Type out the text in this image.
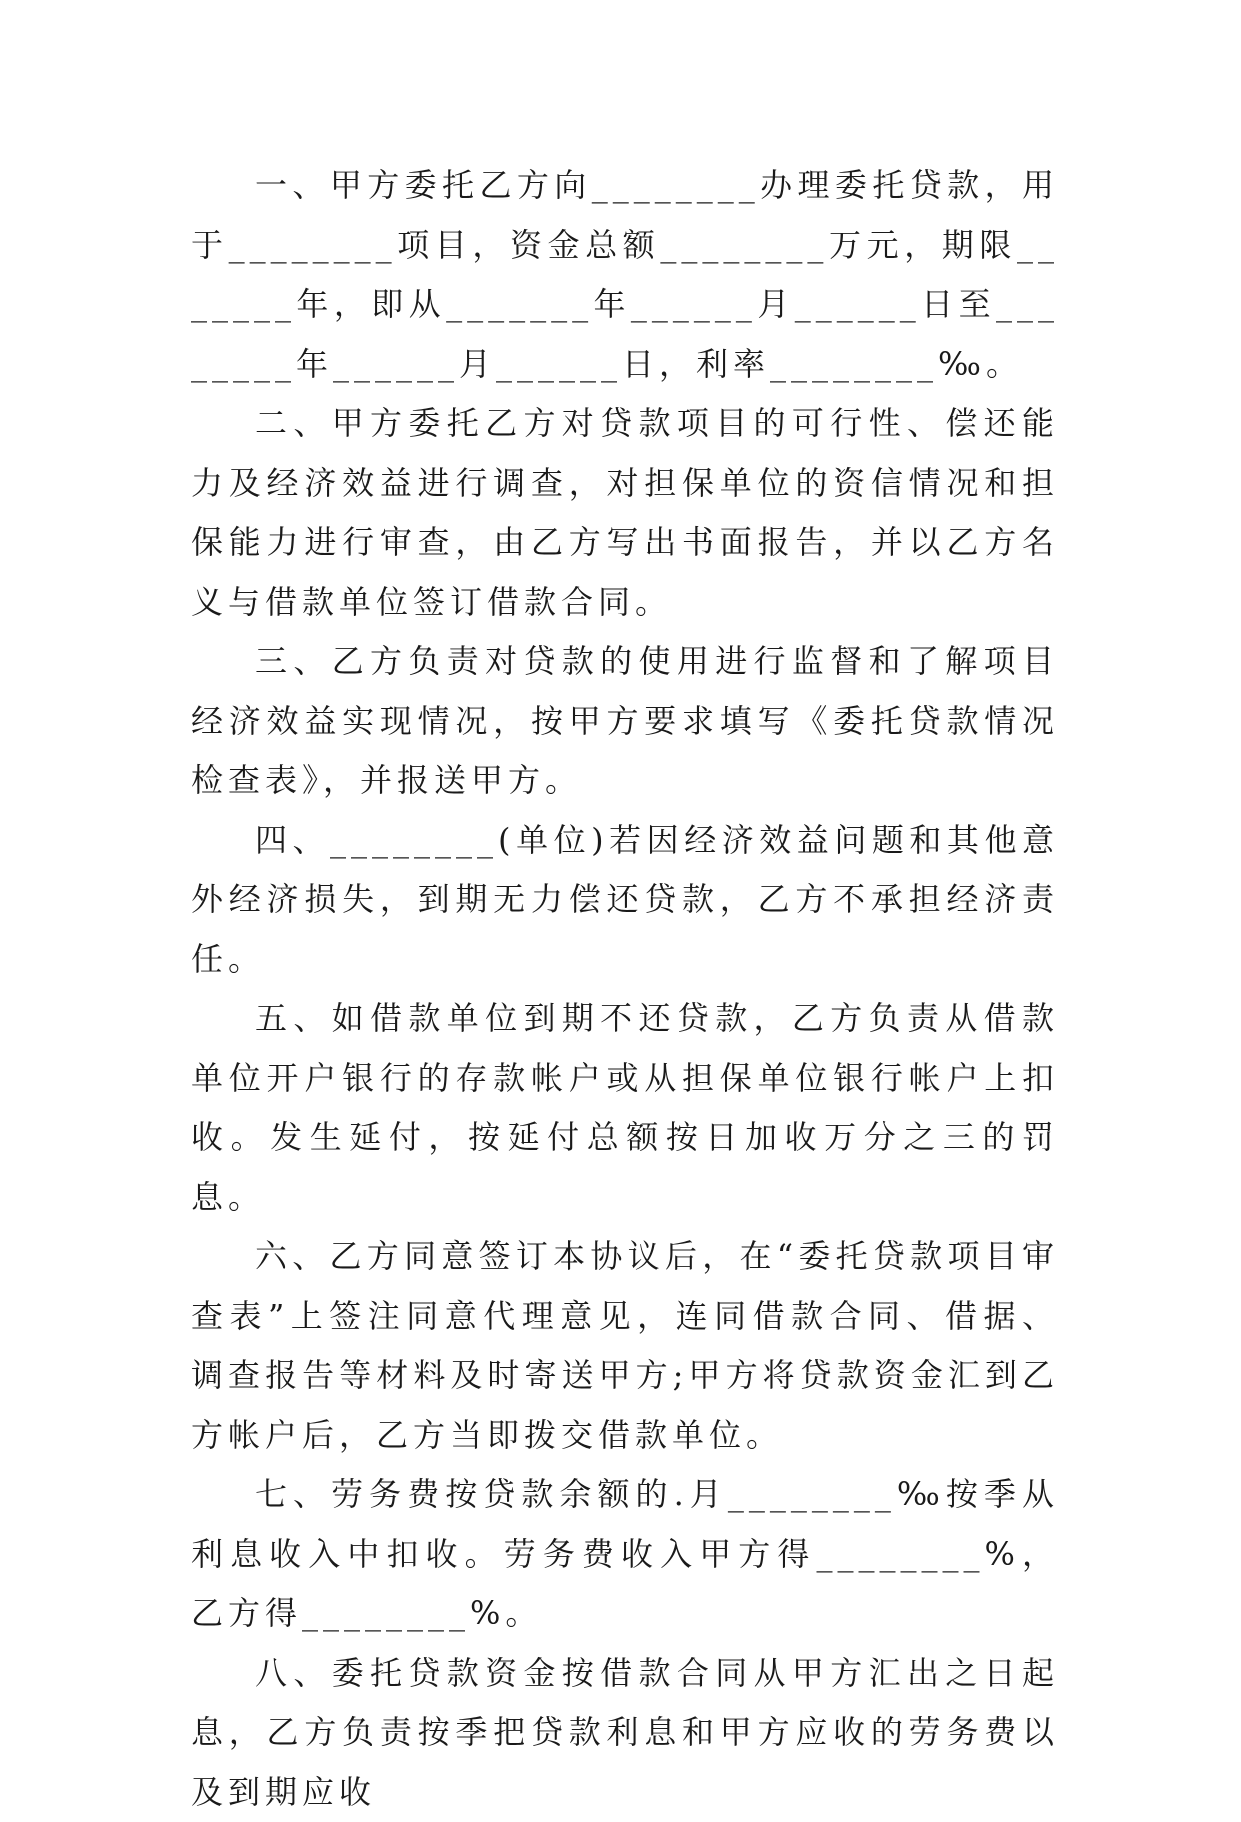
一、甲方委托乙方向________办理委托贷款，用于________项目，资金总额________万元，期限_______年，即从_______年______月______日至________年______月______日，利率________‰。

二、甲方委托乙方对贷款项目的可行性、偿还能力及经济效益进行调查，对担保单位的资信情况和担保能力进行审查，由乙方写出书面报告，并以乙方名义与借款单位签订借款合同。

三、乙方负责对贷款的使用进行监督和了解项目经济效益实现情况，按甲方要求填写《委托贷款情况检查表》，并报送甲方。

四、________(单位)若因经济效益问题和其他意外经济损失，到期无力偿还贷款，乙方不承担经济责任。

五、如借款单位到期不还贷款，乙方负责从借款单位开户银行的存款帐户或从担保单位银行帐户上扣收。发生延付，按延付总额按日加收万分之三的罚息。

六、乙方同意签订本协议后，在“委托贷款项目审查表”上签注同意代理意见，连同借款合同、借据、调查报告等材料及时寄送甲方;甲方将贷款资金汇到乙方帐户后，乙方当即拨交借款单位。

七、劳务费按贷款余额的.月________‰按季从利息收入中扣收。劳务费收入甲方得________%，乙方得________%。

八、委托贷款资金按借款合同从甲方汇出之日起息，乙方负责按季把贷款利息和甲方应收的劳务费以及到期应收
